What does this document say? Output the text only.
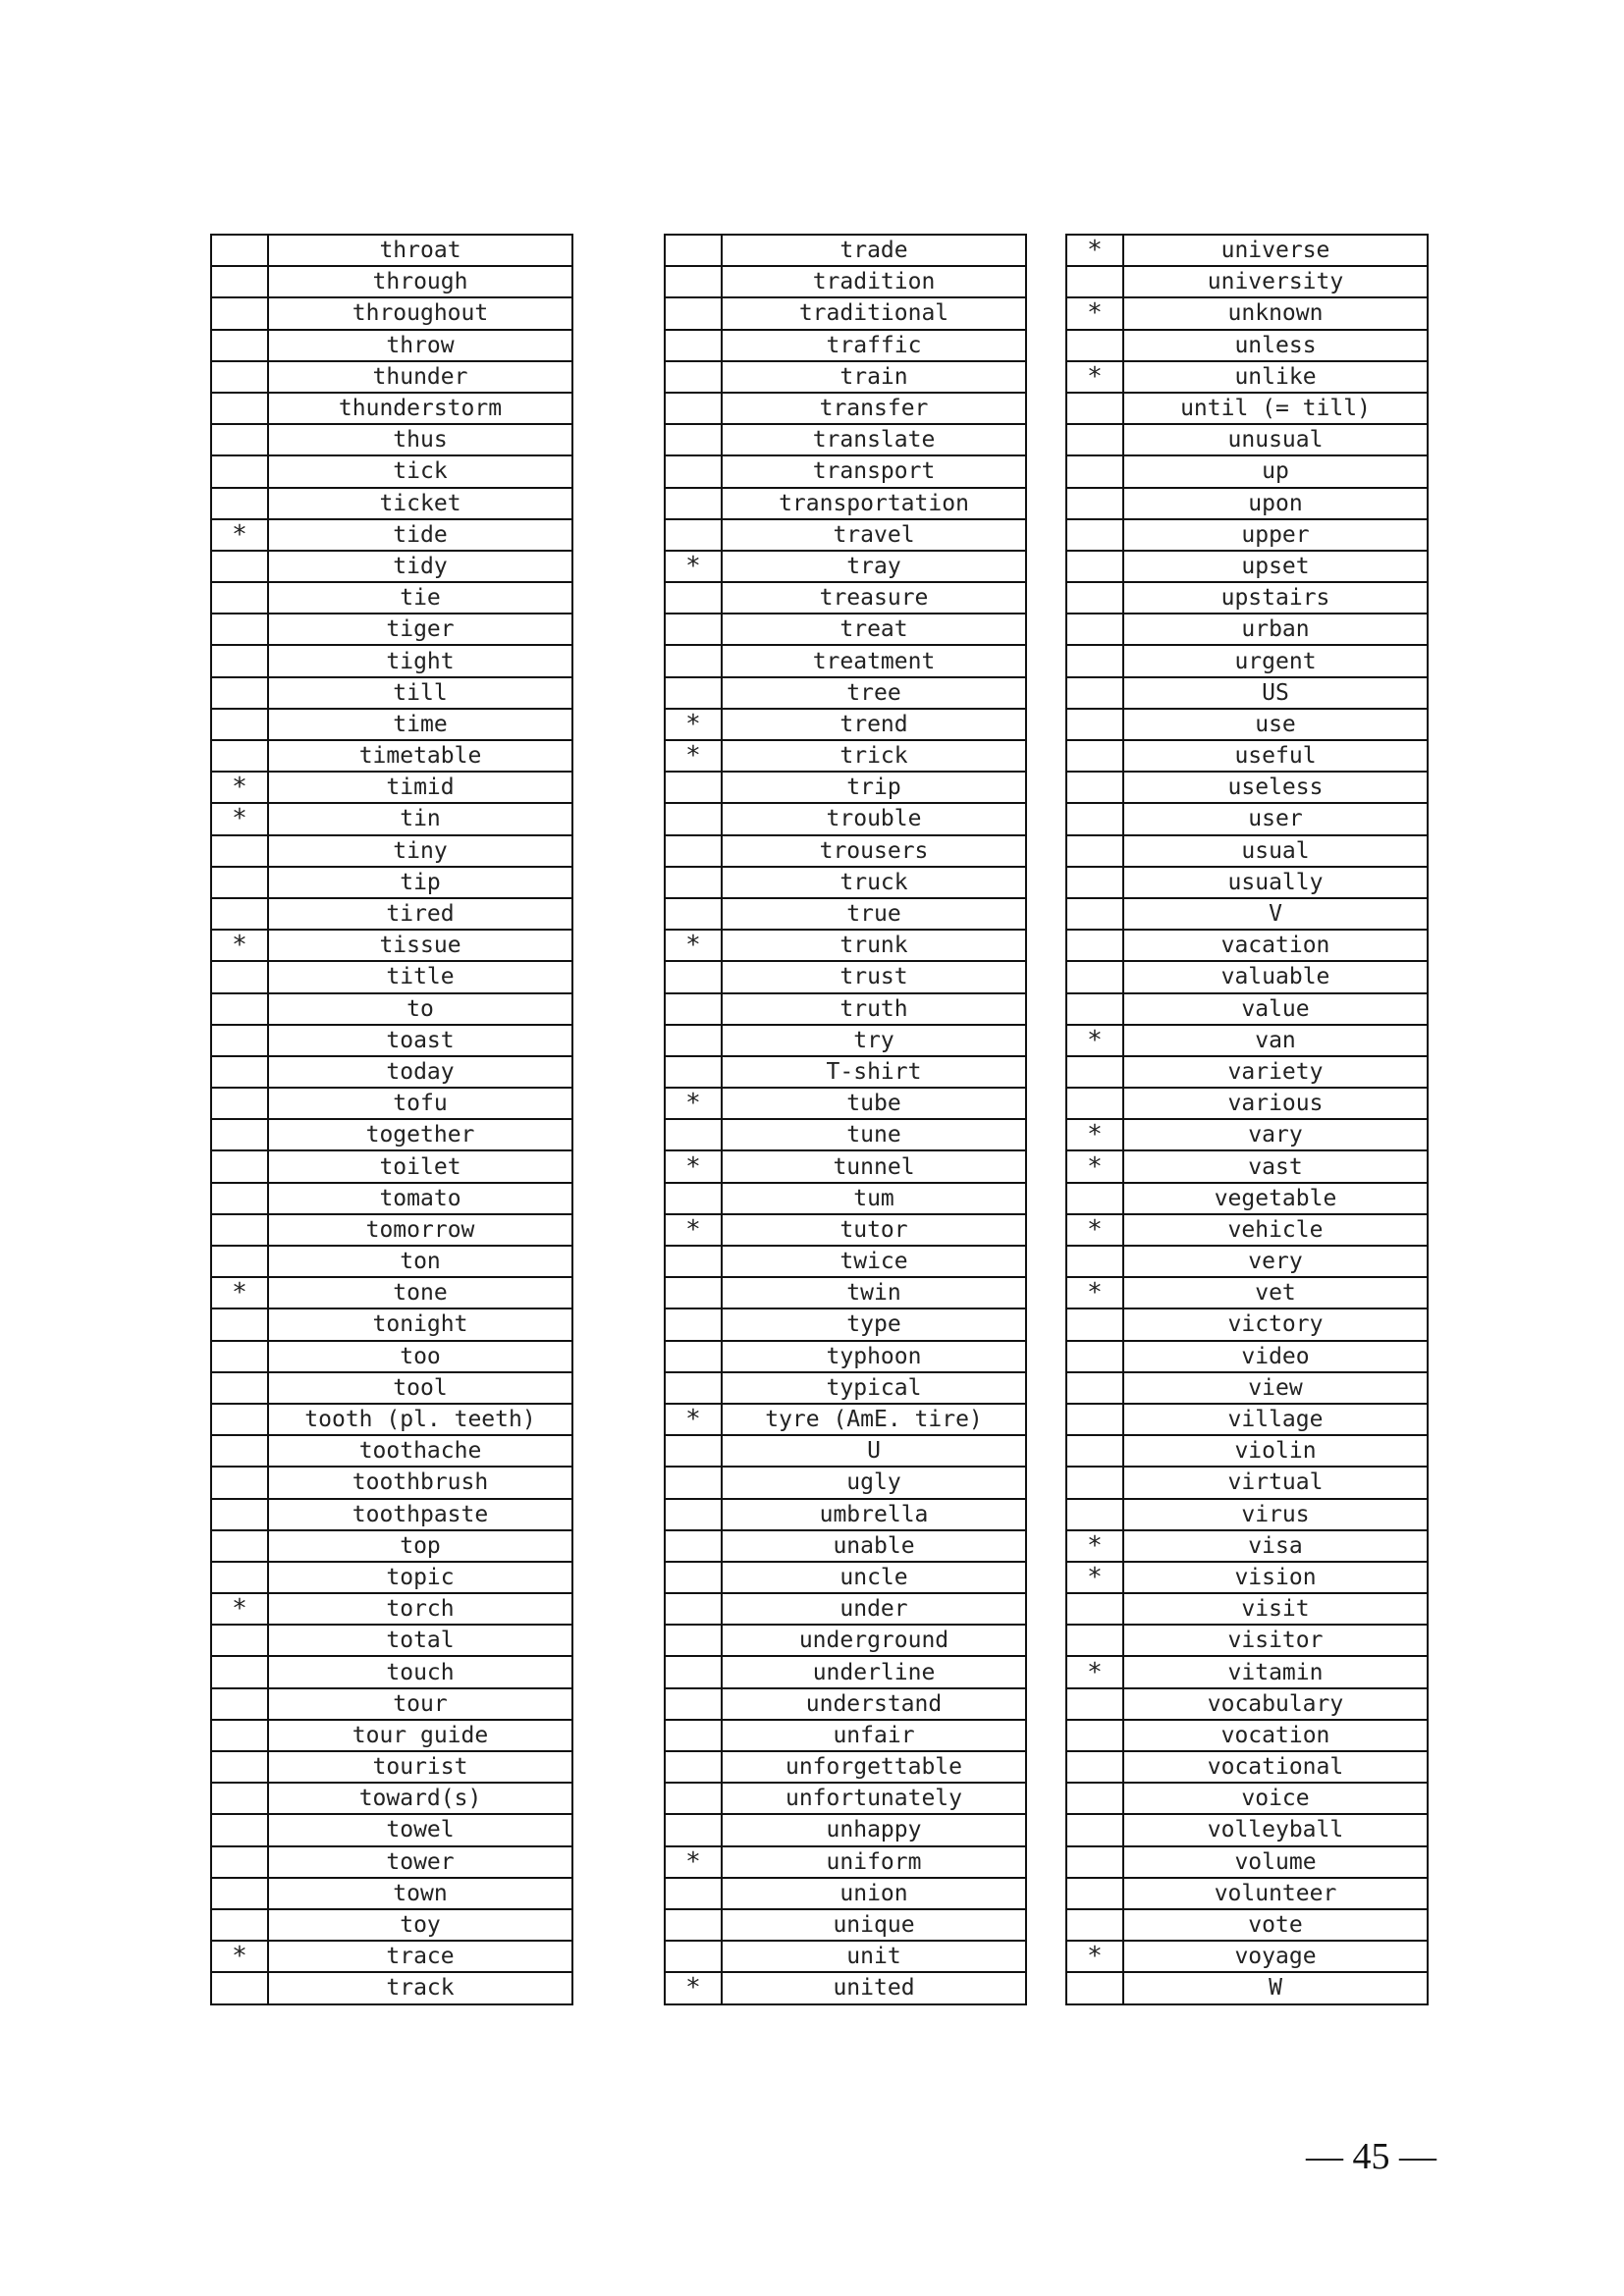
	throat
	through
	throughout
	throw
	thunder
	thunderstorm
	thus
	tick
	ticket
*	tide
	tidy
	tie
	tiger
	tight
	till
	time
	timetable
*	timid
*	tin
	tiny
	tip
	tired
*	tissue
	title
	to
	toast
	today
	tofu
	together
	toilet
	tomato
	tomorrow
	ton
*	tone
	tonight
	too
	tool
	tooth (pl. teeth)
	toothache
	toothbrush
	toothpaste
	top
	topic
*	torch
	total
	touch
	tour
	tour guide
	tourist
	toward(s)
	towel
	tower
	town
	toy
*	trace
	track
	trade
	tradition
	traditional
	traffic
	train
	transfer
	translate
	transport
	transportation
	travel
*	tray
	treasure
	treat
	treatment
	tree
*	trend
*	trick
	trip
	trouble
	trousers
	truck
	true
*	trunk
	trust
	truth
	try
	T-shirt
*	tube
	tune
*	tunnel
	tum
*	tutor
	twice
	twin
	type
	typhoon
	typical
*	tyre (AmE. tire)
	U
	ugly
	umbrella
	unable
	uncle
	under
	underground
	underline
	understand
	unfair
	unforgettable
	unfortunately
	unhappy
*	uniform
	union
	unique
	unit
*	united
*	universe
	university
*	unknown
	unless
*	unlike
	until (= till)
	unusual
	up
	upon
	upper
	upset
	upstairs
	urban
	urgent
	US
	use
	useful
	useless
	user
	usual
	usually
	V
	vacation
	valuable
	value
*	van
	variety
	various
*	vary
*	vast
	vegetable
*	vehicle
	very
*	vet
	victory
	video
	view
	village
	violin
	virtual
	virus
*	visa
*	vision
	visit
	visitor
*	vitamin
	vocabulary
	vocation
	vocational
	voice
	volleyball
	volume
	volunteer
	vote
*	voyage
	W
— 45 —
